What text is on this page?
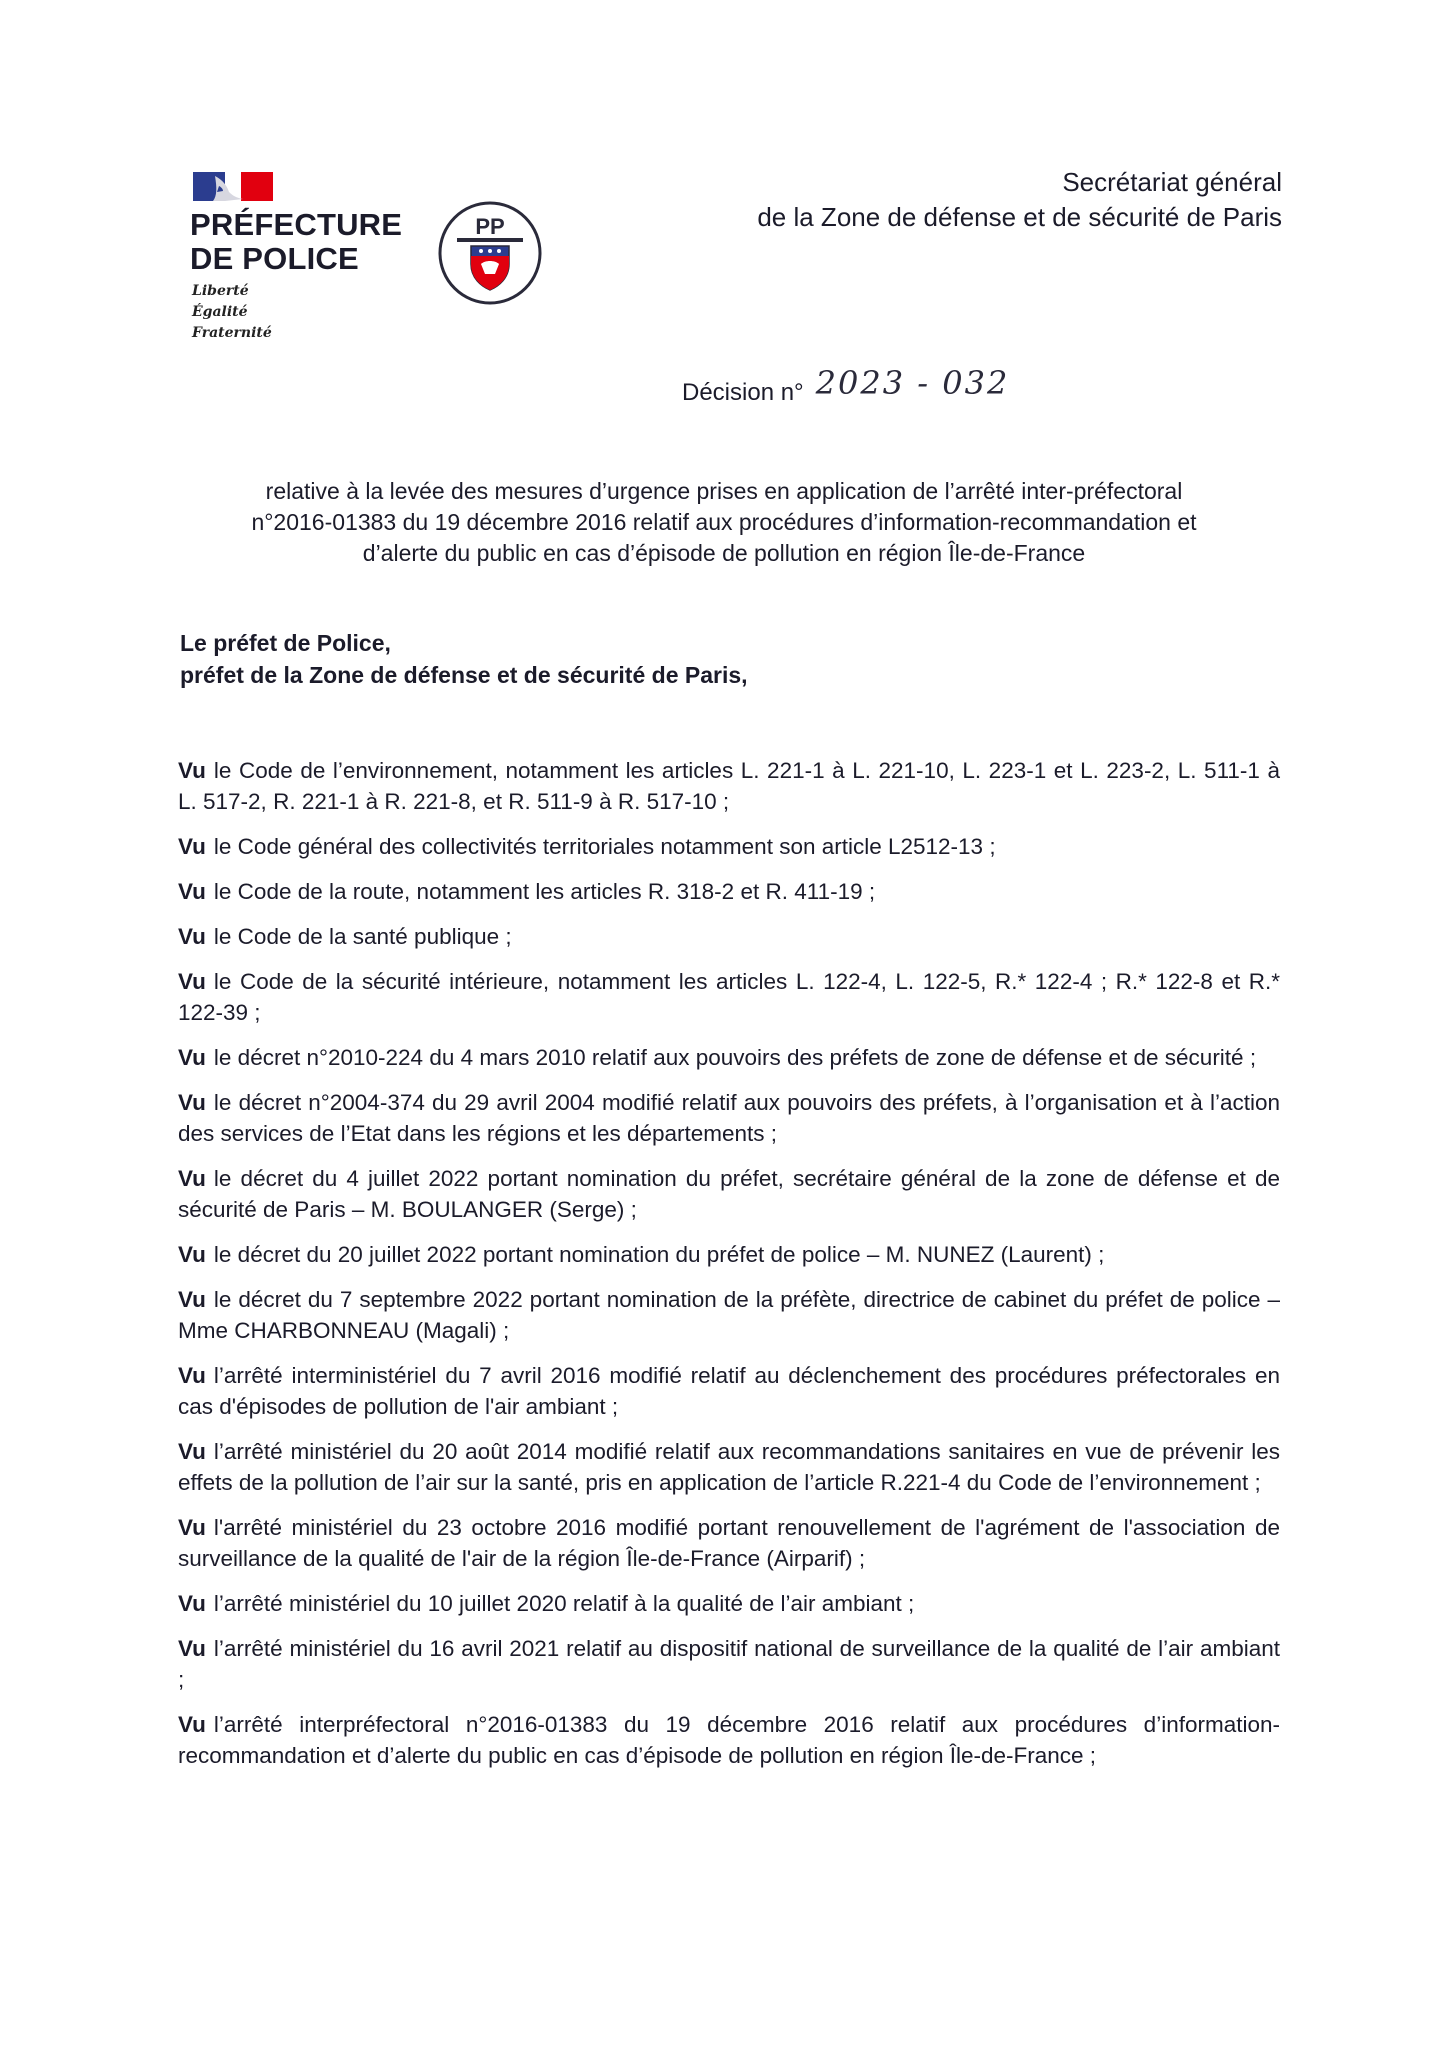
PRÉFECTURE
DE POLICE
Liberté
Égalité
Fraternité
PP
Secrétariat général
de la Zone de défense et de sécurité de Paris
Décision n° 2023 - 032
relative à la levée des mesures d’urgence prises en application de l’arrêté inter-préfectoral
n°2016-01383 du 19 décembre 2016 relatif aux procédures d’information-recommandation et
d’alerte du public en cas d’épisode de pollution en région Île-de-France
Le préfet de Police,
préfet de la Zone de défense et de sécurité de Paris,

Vu le Code de l’environnement, notamment les articles L. 221-1 à L. 221-10, L. 223-1 et L. 223-2, L. 511-1 à L. 517-2, R. 221-1 à R. 221-8, et R. 511-9 à R. 517-10 ;

Vu le Code général des collectivités territoriales notamment son article L2512-13 ;

Vu le Code de la route, notamment les articles R. 318-2 et R. 411-19 ;

Vu le Code de la santé publique ;

Vu le Code de la sécurité intérieure, notamment les articles L. 122-4, L. 122-5, R.* 122-4 ; R.* 122-8 et R.* 122-39 ;

Vu le décret n°2010-224 du 4 mars 2010 relatif aux pouvoirs des préfets de zone de défense et de sécurité ;

Vu le décret n°2004-374 du 29 avril 2004 modifié relatif aux pouvoirs des préfets, à l’organisation et à l’action des services de l’Etat dans les régions et les départements ;

Vu le décret du 4 juillet 2022 portant nomination du préfet, secrétaire général de la zone de défense et de sécurité de Paris – M. BOULANGER (Serge) ;

Vu le décret du 20 juillet 2022 portant nomination du préfet de police – M. NUNEZ (Laurent) ;

Vu le décret du 7 septembre 2022 portant nomination de la préfète, directrice de cabinet du préfet de police – Mme CHARBONNEAU (Magali) ;

Vu l’arrêté interministériel du 7 avril 2016 modifié relatif au déclenchement des procédures préfectorales en cas d'épisodes de pollution de l'air ambiant ;

Vu l’arrêté ministériel du 20 août 2014 modifié relatif aux recommandations sanitaires en vue de prévenir les effets de la pollution de l’air sur la santé, pris en application de l’article R.221-4 du Code de l’environnement ;

Vu l'arrêté ministériel du 23 octobre 2016 modifié portant renouvellement de l'agrément de l'association de surveillance de la qualité de l'air de la région Île-de-France (Airparif) ;

Vu l’arrêté ministériel du 10 juillet 2020 relatif à la qualité de l’air ambiant ;

Vu l’arrêté ministériel du 16 avril 2021 relatif au dispositif national de surveillance de la qualité de l’air ambiant ;

Vu l’arrêté interpréfectoral n°2016-01383 du 19 décembre 2016 relatif aux procédures d’information-recommandation et d’alerte du public en cas d’épisode de pollution en région Île-de-France ;
